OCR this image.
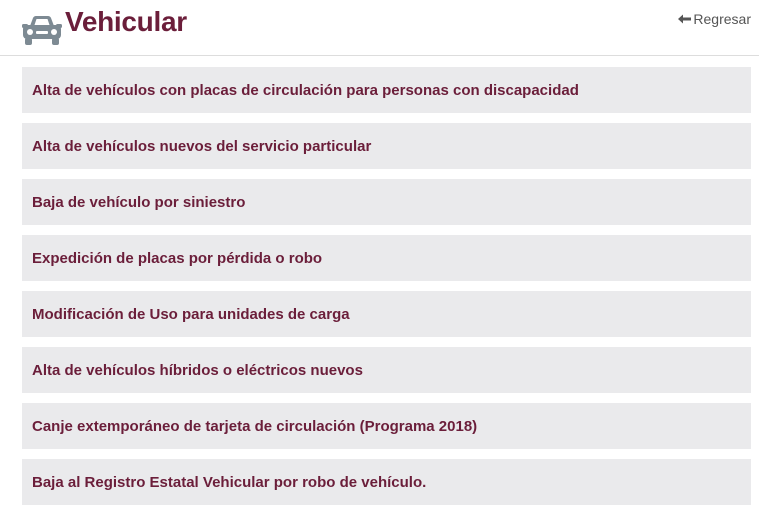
Vehicular	Regresar
Alta de vehículos con placas de circulación para personas con discapacidad
Alta de vehículos nuevos del servicio particular
Baja de vehículo por siniestro
Expedición de placas por pérdida o robo
Modificación de Uso para unidades de carga
Alta de vehículos híbridos o eléctricos nuevos
Canje extemporáneo de tarjeta de circulación (Programa 2018)
Baja al Registro Estatal Vehicular por robo de vehículo.
